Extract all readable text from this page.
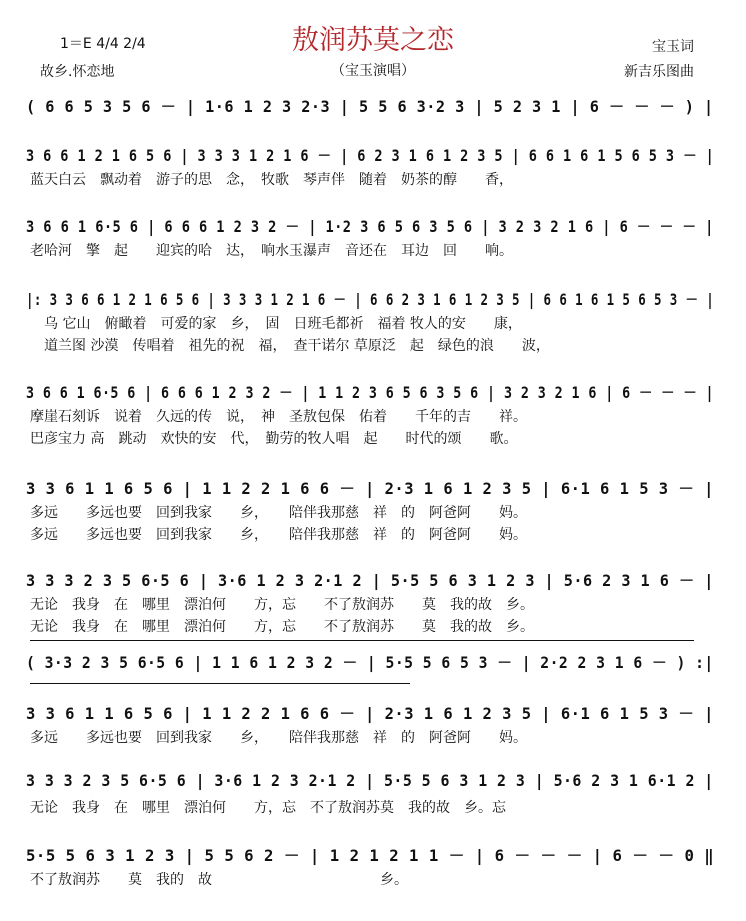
1＝E 4/4 2/4	敖润苏莫之恋
（宝玉演唱）
故乡.怀恋地
宝玉词
新吉乐图曲
( 6 6 5 3 5 6 － | 1·6 1 2 3 2·3 | 5 5 6 3·2 3 | 5 2 3 1 | 6 － － － ) |
3 6 6 1 2 1 6 5 6 | 3 3 3 1 2 1 6 － | 6 2 3 1 6 1 2 3 5 | 6 6 1 6 1 5 6 5 3 － |
蓝天白云　飘动着　游子的思　念，　牧歌　琴声伴　随着　奶茶的醇　　香，
3 6 6 1 6·5 6 | 6 6 6 1 2 3 2 － | 1·2 3 6 5 6 3 5 6 | 3 2 3 2 1 6 | 6 － － － |
老哈河　擎　起　　迎宾的哈　达，　响水玉瀑声　音还在　耳边　回　　响。
|: 3 3 6 6 1 2 1 6 5 6 | 3 3 3 1 2 1 6 － | 6 6 2 3 1 6 1 2 3 5 | 6 6 1 6 1 5 6 5 3 － |
　乌 它山　俯瞰着　可爱的家　乡，　固　日班毛都祈　福着 牧人的安　　康，
　道兰图 沙漠　传唱着　祖先的祝　福，　查干诺尔 草原泛　起　绿色的浪　　波，
3 6 6 1 6·5 6 | 6 6 6 1 2 3 2 － | 1 1 2 3 6 5 6 3 5 6 | 3 2 3 2 1 6 | 6 － － － |
摩崖石刻诉　说着　久远的传　说，　神　圣敖包保　佑着　　千年的吉　　祥。
巴彦宝力 高　跳动　欢快的安　代，　勤劳的牧人唱　起　　时代的颂　　歌。
3 3 6 1 1 6 5 6 | 1 1 2 2 1 6 6 － | 2·3 1 6 1 2 3 5 | 6·1 6 1 5 3 － |
多远　　多远也要　回到我家　　乡，　　陪伴我那慈　祥　的　阿爸阿　　妈。
多远　　多远也要　回到我家　　乡，　　陪伴我那慈　祥　的　阿爸阿　　妈。
3 3 3 2 3 5 6·5 6 | 3·6 1 2 3 2·1 2 | 5·5 5 6 3 1 2 3 | 5·6 2 3 1 6 － |
无论　我身　在　哪里　漂泊何　　方，忘　　不了敖润苏　　莫　我的故　乡。
无论　我身　在　哪里　漂泊何　　方，忘　　不了敖润苏　　莫　我的故　乡。
( 3·3 2 3 5 6·5 6 | 1 1 6 1 2 3 2 － | 5·5 5 6 5 3 － | 2·2 2 3 1 6 － ) :|
3 3 6 1 1 6 5 6 | 1 1 2 2 1 6 6 － | 2·3 1 6 1 2 3 5 | 6·1 6 1 5 3 － |
多远　　多远也要　回到我家　　乡，　　陪伴我那慈　祥　的　阿爸阿　　妈。
3 3 3 2 3 5 6·5 6 | 3·6 1 2 3 2·1 2 | 5·5 5 6 3 1 2 3 | 5·6 2 3 1 6·1 2 |
无论　我身　在　哪里　漂泊何　　方，忘　不了敖润苏莫　我的故　乡。忘
5·5 5 6 3 1 2 3 | 5 5 6 2 － | 1 2 1 2 1 1 － | 6 － － － | 6 － － 0 ‖
不了敖润苏　　莫　我的　故　　　　　　　　　　　　乡。
